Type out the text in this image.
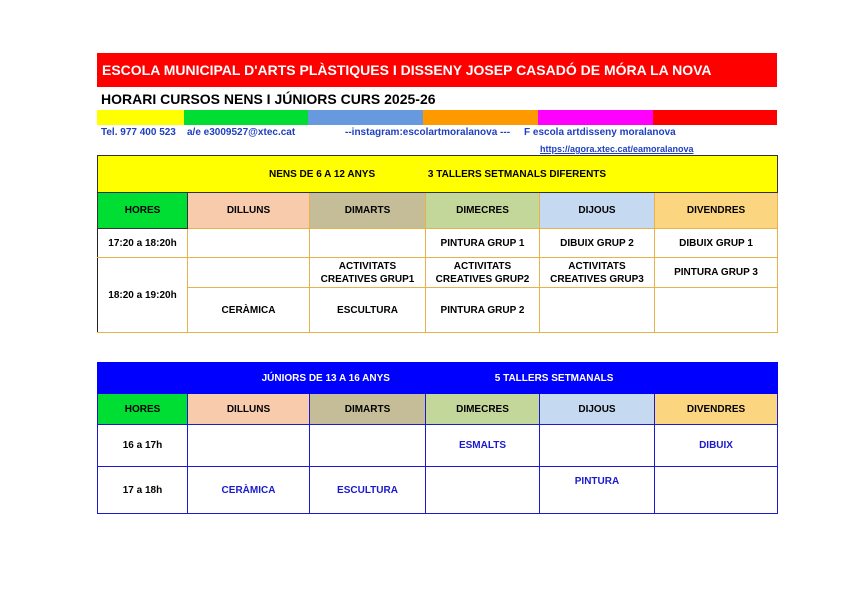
ESCOLA MUNICIPAL D'ARTS PLÀSTIQUES I DISSENY JOSEP CASADÓ DE MÓRA LA NOVA
HORARI CURSOS NENS I JÚNIORS CURS 2025-26
Tel. 977 400 523 a/e e3009527@xtec.cat	--instagram:escolartmoralanova --- F escola artdisseny moralanova
https://agora.xtec.cat/eamoralanova
NENS DE 6 A 12 ANYS 3 TALLERS SETMANALS DIFERENTS					
HORES	DILLUNS	DIMARTS	DIMECRES	DIJOUS	DIVENDRES
17:20 a 18:20h			PINTURA GRUP 1	DIBUIX GRUP 2	DIBUIX GRUP 1
18:20 a 19:20h		ACTIVITATS CREATIVES GRUP1	ACTIVITATS CREATIVES GRUP2	ACTIVITATS CREATIVES GRUP3	PINTURA GRUP 3
	CERÀMICA	ESCULTURA	PINTURA GRUP 2		
JÚNIORS DE 13 A 16 ANYS 5 TALLERS SETMANALS					
HORES	DILLUNS	DIMARTS	DIMECRES	DIJOUS	DIVENDRES
16 a 17h			ESMALTS		DIBUIX
17 a 18h	CERÀMICA	ESCULTURA		PINTURA	
